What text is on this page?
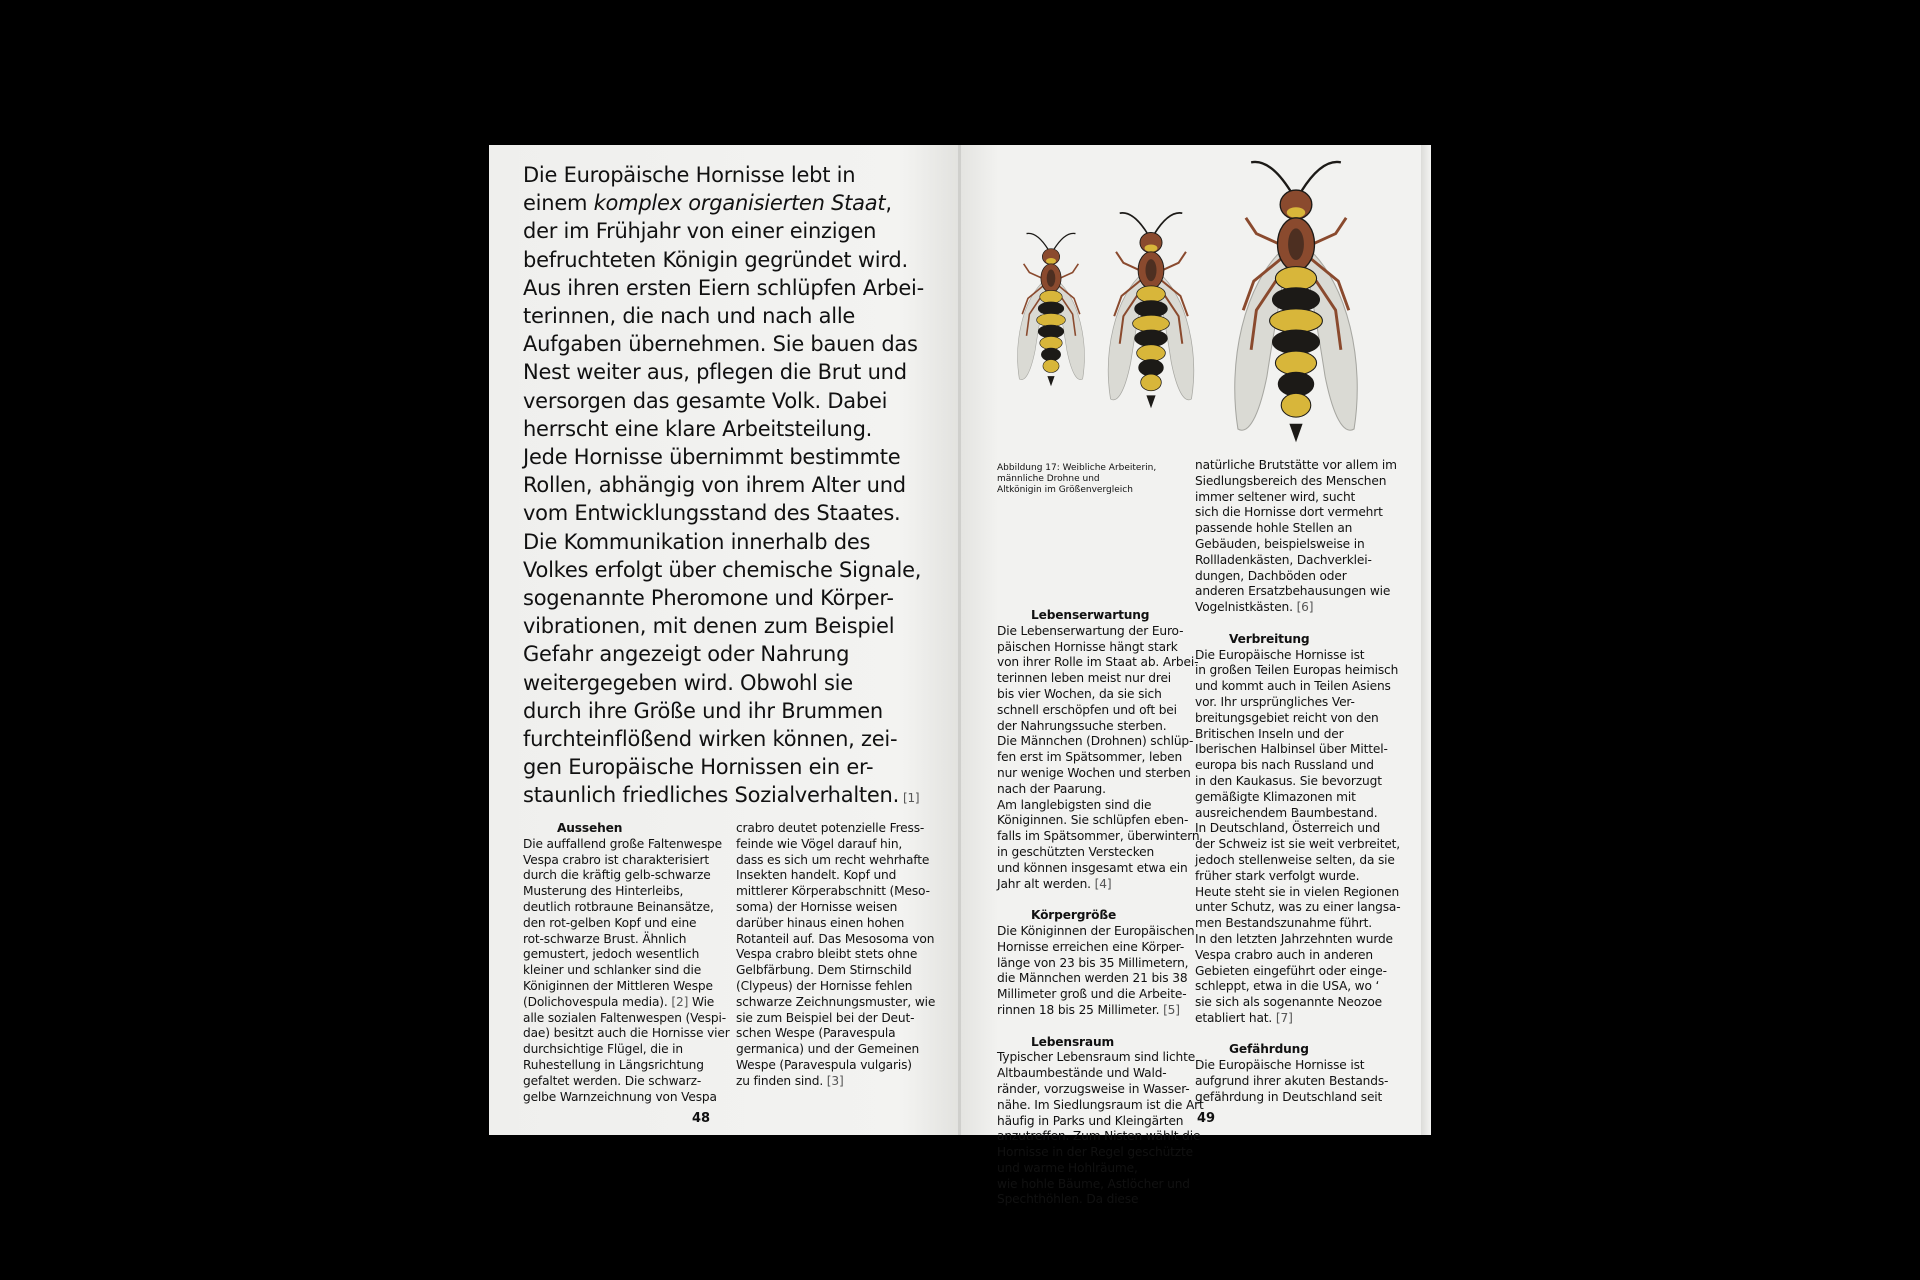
Die Europäische Hornisse lebt in
einem komplex organisierten Staat,
der im Frühjahr von einer einzigen
befruchteten Königin gegründet wird.
Aus ihren ersten Eiern schlüpfen Arbei-
terinnen, die nach und nach alle
Aufgaben übernehmen. Sie bauen das
Nest weiter aus, pflegen die Brut und
versorgen das gesamte Volk. Dabei
herrscht eine klare Arbeitsteilung.
Jede Hornisse übernimmt bestimmte
Rollen, abhängig von ihrem Alter und
vom Entwicklungsstand des Staates.
Die Kommunikation innerhalb des
Volkes erfolgt über chemische Signale,
sogenannte Pheromone und Körper-
vibrationen, mit denen zum Beispiel
Gefahr angezeigt oder Nahrung
weitergegeben wird. Obwohl sie
durch ihre Größe und ihr Brummen
furchteinflößend wirken können, zei-
gen Europäische Hornissen ein er-
staunlich friedliches Sozialverhalten. [1]
Aussehen
Die auffallend große Faltenwespe
Vespa crabro ist charakterisiert
durch die kräftig gelb-schwarze
Musterung des Hinterleibs,
deutlich rotbraune Beinansätze,
den rot-gelben Kopf und eine
rot-schwarze Brust. Ähnlich
gemustert, jedoch wesentlich
kleiner und schlanker sind die
Königinnen der Mittleren Wespe
(Dolichovespula media). [2] Wie
alle sozialen Faltenwespen (Vespi-
dae) besitzt auch die Hornisse vier
durchsichtige Flügel, die in
Ruhestellung in Längsrichtung
gefaltet werden. Die schwarz-
gelbe Warnzeichnung von Vespa
crabro deutet potenzielle Fress-
feinde wie Vögel darauf hin,
dass es sich um recht wehrhafte
Insekten handelt. Kopf und
mittlerer Körperabschnitt (Meso-
soma) der Hornisse weisen
darüber hinaus einen hohen
Rotanteil auf. Das Mesosoma von
Vespa crabro bleibt stets ohne
Gelbfärbung. Dem Stirnschild
(Clypeus) der Hornisse fehlen
schwarze Zeichnungsmuster, wie
sie zum Beispiel bei der Deut-
schen Wespe (Paravespula
germanica) und der Gemeinen
Wespe (Paravespula vulgaris)
zu finden sind. [3]
48
Abbildung 17: Weibliche Arbeiterin,
männliche Drohne und
Altkönigin im Größenvergleich
Lebenserwartung
Die Lebenserwartung der Euro-
päischen Hornisse hängt stark
von ihrer Rolle im Staat ab. Arbei-
terinnen leben meist nur drei
bis vier Wochen, da sie sich
schnell erschöpfen und oft bei
der Nahrungssuche sterben.
Die Männchen (Drohnen) schlüp-
fen erst im Spätsommer, leben
nur wenige Wochen und sterben
nach der Paarung.
Am langlebigsten sind die
Königinnen. Sie schlüpfen eben-
falls im Spätsommer, überwintern
in geschützten Verstecken
und können insgesamt etwa ein
Jahr alt werden. [4]
Körpergröße
Die Königinnen der Europäischen
Hornisse erreichen eine Körper-
länge von 23 bis 35 Millimetern,
die Männchen werden 21 bis 38
Millimeter groß und die Arbeite-
rinnen 18 bis 25 Millimeter. [5]
Lebensraum
Typischer Lebensraum sind lichte
Altbaumbestände und Wald-
ränder, vorzugsweise in Wasser-
nähe. Im Siedlungsraum ist die Art
häufig in Parks und Kleingärten
anzutreffen. Zum Nisten wählt die
Hornisse in der Regel geschützte
und warme Hohlräume,
wie hohle Bäume, Astlöcher und
Spechthöhlen. Da diese
natürliche Brutstätte vor allem im
Siedlungsbereich des Menschen
immer seltener wird, sucht
sich die Hornisse dort vermehrt
passende hohle Stellen an
Gebäuden, beispielsweise in
Rollladenkästen, Dachverklei-
dungen, Dachböden oder
anderen Ersatzbehausungen wie
Vogelnistkästen. [6]
Verbreitung
Die Europäische Hornisse ist
in großen Teilen Europas heimisch
und kommt auch in Teilen Asiens
vor. Ihr ursprüngliches Ver-
breitungsgebiet reicht von den
Britischen Inseln und der
Iberischen Halbinsel über Mittel-
europa bis nach Russland und
in den Kaukasus. Sie bevorzugt
gemäßigte Klimazonen mit
ausreichendem Baumbestand.
In Deutschland, Österreich und
der Schweiz ist sie weit verbreitet,
jedoch stellenweise selten, da sie
früher stark verfolgt wurde.
Heute steht sie in vielen Regionen
unter Schutz, was zu einer langsa-
men Bestandszunahme führt.
In den letzten Jahrzehnten wurde
Vespa crabro auch in anderen
Gebieten eingeführt oder einge-
schleppt, etwa in die USA, wo ‘
sie sich als sogenannte Neozoe
etabliert hat. [7]
Gefährdung
Die Europäische Hornisse ist
aufgrund ihrer akuten Bestands-
gefährdung in Deutschland seit
49
